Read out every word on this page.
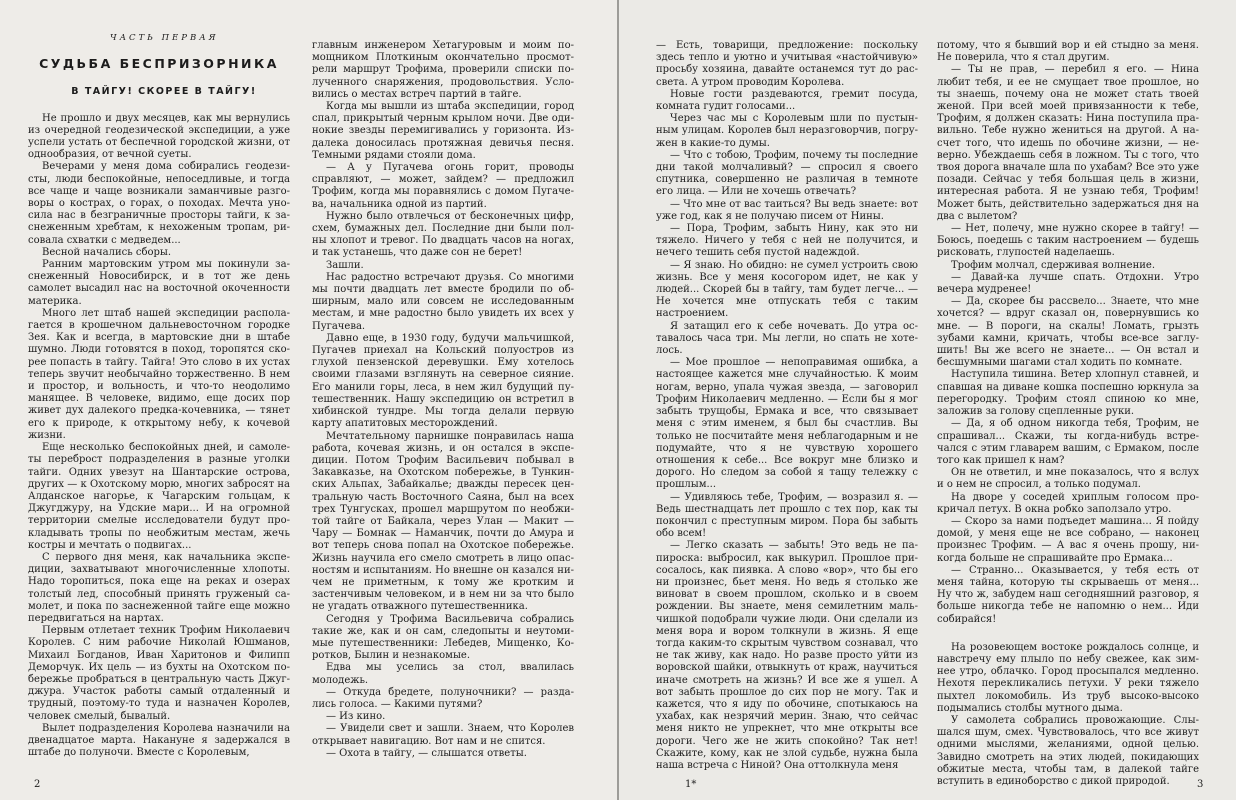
ЧАСТЬ ПЕРВАЯ
СУДЬБА БЕСПРИЗОРНИКА
В ТАЙГУ! СКОРЕЕ В ТАЙГУ!

Не прошло и двух месяцев, как мы вернулись из очередной геодезической экспедиции, а уже успели устать от беспечной городской жизни, от однообразия, от вечной суеты.

Вечерами у меня дома собирались геодезисты, люди беспокойные, непоседливые, и тогда все чаще и чаще возникали заманчивые разговоры о кострах, о горах, о походах. Мечта уносила нас в безграничные просторы тайги, к заснеженным хребтам, к нехоженым тропам, рисовала схватки с медведем...

Весной начались сборы.

Ранним мартовским утром мы покинули заснеженный Новосибирск, и в тот же день самолет высадил нас на восточной окоченности материка.

Много лет штаб нашей экспедиции располагается в крошечном дальневосточном городке Зея. Как и всегда, в мартовские дни в штабе шумно. Люди готовятся в поход, торопятся скорее попасть в тайгу. Тайга! Это слово в их устах теперь звучит необычайно торжественно. В нем и простор, и вольность, и что-то неодолимо манящее. В человеке, видимо, еще досих пор живет дух далекого предка-кочевника, — тянет его к природе, к открытому небу, к кочевой жизни.

Еще несколько беспокойных дней, и самолеты переброст подразделения в разные уголки тайги. Одних увезут на Шантарские острова, других — к Охотскому морю, многих забросят на Алданское нагорье, к Чагарским гольцам, к Джугджуру, на Удские мари... И на огромной территории смелые исследователи будут прокладывать тропы по необжитым местам, жечь костры и мечтать о подвигах...

С первого дня меня, как начальника экспедиции, захватывают многочисленные хлопоты. Надо торопиться, пока еще на реках и озерах толстый лед, способный принять груженый самолет, и пока по заснеженной тайге еще можно передвигаться на нартах.

Первым отлетает техник Трофим Николаевич Королев. С ним рабочие Николай Юшманов, Михаил Богданов, Иван Харитонов и Филипп Деморчук. Их цель — из бухты на Охотском побережье пробраться в центральную часть Джугджура. Участок работы самый отдаленный и трудный, поэтому-то туда и назначен Королев, человек смелый, бывалый.

Вылет подразделения Королева назначили на двенадцатое марта. Накануне я задержался в штабе до полуночи. Вместе с Королевым,

главным инженером Хетагуровым и моим помощником Плоткиным окончательно просмотрели маршрут Трофима, проверили списки полученного снаряжения, продовольствия. Условились о местах встреч партий в тайге.

Когда мы вышли из штаба экспедиции, город спал, прикрытый черным крылом ночи. Две одинокие звезды перемигивались у горизонта. Издалека доносилась протяжная девичья песня. Темными рядами стояли дома.

— А у Пугачева огонь горит, проводы справляют, — может, зайдем? — предложил Трофим, когда мы поравнялись с домом Пугачева, начальника одной из партий.

Нужно было отвлечься от бесконечных цифр, схем, бумажных дел. Последние дни были полны хлопот и тревог. По двадцать часов на ногах, и так устанешь, что даже сон не берет!

Зашли.

Нас радостно встречают друзья. Со многими мы почти двадцать лет вместе бродили по обширным, мало или совсем не исследованным местам, и мне радостно было увидеть их всех у Пугачева.

Давно еще, в 1930 году, будучи мальчишкой, Пугачев приехал на Кольский полуостров из глухой пензенской деревушки. Ему хотелось своими глазами взглянуть на северное сияние. Его манили горы, леса, в нем жил будущий путешественник. Нашу экспедицию он встретил в хибинской тундре. Мы тогда делали первую карту апатитовых месторождений.

Мечтательному парнишке понравилась наша работа, кочевая жизнь, и он остался в экспедиции. Потом Трофим Васильевич побывал в Закавказье, на Охотском побережье, в Тункинских Альпах, Забайкалье; дважды пересек центральную часть Восточного Саяна, был на всех трех Тунгусках, прошел маршрутом по необжитой тайге от Байкала, через Улан — Макит — Чару — Бомнак — Наманчик, почти до Амура и вот теперь снова попал на Охотское побережье. Жизнь научила его смело смотреть в лицо опасностям и испытаниям. Но внешне он казался ничем не приметным, к тому же кротким и застенчивым человеком, и в нем ни за что было не угадать отважного путешественника.

Сегодня у Трофима Васильевича собрались такие же, как и он сам, следопыты и неутомимые путешественники: Лебедев, Мищенко, Коротков, Былин и незнакомые.

Едва мы уселись за стол, ввалилась молодежь.

— Откуда бредете, полуночники? — раздались голоса. — Какими путями?

— Из кино.

— Увидели свет и зашли. Знаем, что Королев открывает навигацию. Вот нам и не спится.

— Охота в тайгу, — слышатся ответы.

2

— Есть, товарищи, предложение: поскольку здесь тепло и уютно и учитывая «настойчивую» просьбу хозяина, давайте останемся тут до рассвета. А утром проводим Королева.

Новые гости раздеваются, гремит посуда, комната гудит голосами...

Через час мы с Королевым шли по пустынным улицам. Королев был неразговорчив, погружен в какие-то думы.

— Что с тобою, Трофим, почему ты последние дни такой молчаливый? — спросил я своего спутника, совершенно не различая в темноте его лица. — Или не хочешь отвечать?

— Что мне от вас таиться? Вы ведь знаете: вот уже год, как я не получаю писем от Нины.

— Пора, Трофим, забыть Нину, как это ни тяжело. Ничего у тебя с ней не получится, и нечего тешить себя пустой надеждой.

— Я знаю. Но обидно: не сумел устроить свою жизнь. Все у меня косогором идет, не как у людей... Скорей бы в тайгу, там будет легче... — Не хочется мне отпускать тебя с таким настроением.

Я затащил его к себе ночевать. До утра оставалось часа три. Мы легли, но спать не хотелось.

— Мое прошлое — непоправимая ошибка, а настоящее кажется мне случайностью. К моим ногам, верно, упала чужая звезда, — заговорил Трофим Николаевич медленно. — Если бы я мог забыть трущобы, Ермака и все, что связывает меня с этим именем, я был бы счастлив. Вы только не посчитайте меня неблагодарным и не подумайте, что я не чувствую хорошего отношения к себе... Все вокруг мне близко и дорого. Но следом за собой я тащу тележку с прошлым...

— Удивляюсь тебе, Трофим, — возразил я. — Ведь шестнадцать лет прошло с тех пор, как ты покончил с преступным миром. Пора бы забыть обо всем!

— Легко сказать — забыть! Это ведь не папироска: выбросил, как выкурил. Прошлое присосалось, как пиявка. А слово «вор», что бы его ни произнес, бьет меня. Но ведь я столько же виноват в своем прошлом, сколько и в своем рождении. Вы знаете, меня семилетним мальчишкой подобрали чужие люди. Они сделали из меня вора и вором толкнули в жизнь. Я еще тогда каким-то скрытым чувством сознавал, что не так живу, как надо. Но разве просто уйти из воровской шайки, отвыкнуть от краж, научиться иначе смотреть на жизнь? И все же я ушел. А вот забыть прошлое до сих пор не могу. Так и кажется, что я иду по обочине, спотыкаюсь на ухабах, как незрячий мерин. Знаю, что сейчас меня никто не упрекнет, что мне открыты все дороги. Чего же не жить спокойно? Так нет! Скажите, кому, как не злой судьбе, нужна была наша встреча с Ниной? Она оттолкнула меня

потому, что я бывший вор и ей стыдно за меня. Не поверила, что я стал другим.

— Ты не прав, — перебил я его. — Нина любит тебя, и ее не смущает твое прошлое, но ты знаешь, почему она не может стать твоей женой. При всей моей привязанности к тебе, Трофим, я должен сказать: Нина поступила правильно. Тебе нужно жениться на другой. А насчет того, что идешь по обочине жизни, — неверно. Убеждаешь себя в ложном. Ты с того, что твоя дорога вначале шла по ухабам? Все это уже позади. Сейчас у тебя большая цель в жизни, интересная работа. Я не узнаю тебя, Трофим! Может быть, действительно задержаться дня на два с вылетом?

— Нет, полечу, мне нужно скорее в тайгу! — Боюсь, поедешь с таким настроением — будешь рисковать, глупостей наделаешь.

Трофим молчал, сдерживая волнение.

— Давай-ка лучше спать. Отдохни. Утро вечера мудренее!

— Да, скорее бы рассвело... Знаете, что мне хочется? — вдруг сказал он, повернувшись ко мне. — В пороги, на скалы! Ломать, грызть зубами камни, кричать, чтобы все-все заглушить! Вы же всего не знаете... — Он встал и бесшумными шагами стал ходить по комнате.

Наступила тишина. Ветер хлопнул ставней, и спавшая на диване кошка поспешно юркнула за перегородку. Трофим стоял спиною ко мне, заложив за голову сцепленные руки.

— Да, я об одном никогда тебя, Трофим, не спрашивал... Скажи, ты когда-нибудь встречался с этим главарем вашим, с Ермаком, после того как пришел к нам?

Он не ответил, и мне показалось, что я вслух и о нем не спросил, а только подумал.

На дворе у соседей хриплым голосом прокричал петух. В окна робко заползало утро.

— Скоро за нами подъедет машина... Я пойду домой, у меня еще не все собрано, — наконец произнес Трофим. — А вас я очень прошу, никогда больше не спрашивайте про Ермака...

— Странно... Оказывается, у тебя есть от меня тайна, которую ты скрываешь от меня... Ну что ж, забудем наш сегодняшний разговор, я больше никогда тебе не напомню о нем... Иди собирайся!

На розовеющем востоке рождалось солнце, и навстречу ему плыло по небу свежее, как зимнее утро, облачко. Город просыпался медленно. Нехотя перекликались петухи. У реки тяжело пыхтел локомобиль. Из труб высоко-высоко подымались столбы мутного дыма.

У самолета собрались провожающие. Слышался шум, смех. Чувствовалось, что все живут одними мыслями, желаниями, одной целью. Завидно смотреть на этих людей, покидающих обжитые места, чтобы там, в далекой тайге вступить в единоборство с дикой природой.

1*	3
